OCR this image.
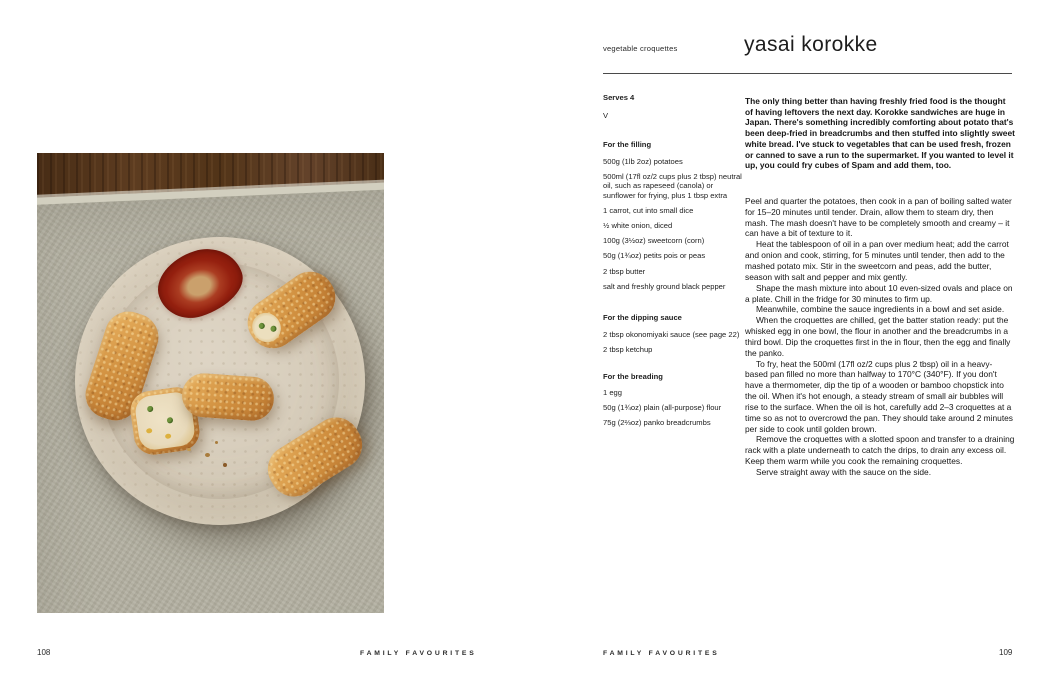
vegetable croquettes	yasai korokke
Serves 4
V
For the filling
500g (1lb 2oz) potatoes
500ml (17fl oz/2 cups plus 2 tbsp) neutral oil, such as rapeseed (canola) or sunflower for frying, plus 1 tbsp extra
1 carrot, cut into small dice
½ white onion, diced
100g (3½oz) sweetcorn (corn)
50g (1¾oz) petits pois or peas
2 tbsp butter
salt and freshly ground black pepper
For the dipping sauce
2 tbsp okonomiyaki sauce (see page 22)
2 tbsp ketchup
For the breading
1 egg
50g (1¾oz) plain (all-purpose) flour
75g (2⅔oz) panko breadcrumbs
The only thing better than having freshly fried food is the thought of having leftovers the next day. Korokke sandwiches are huge in Japan. There's something incredibly comforting about potato that's been deep-fried in breadcrumbs and then stuffed into slightly sweet white bread. I've stuck to vegetables that can be used fresh, frozen or canned to save a run to the supermarket. If you wanted to level it up, you could fry cubes of Spam and add them, too.

Peel and quarter the potatoes, then cook in a pan of boiling salted water for 15–20 minutes until tender. Drain, allow them to steam dry, then mash. The mash doesn't have to be completely smooth and creamy – it can have a bit of texture to it.

Heat the tablespoon of oil in a pan over medium heat; add the carrot and onion and cook, stirring, for 5 minutes until tender, then add to the mashed potato mix. Stir in the sweetcorn and peas, add the butter, season with salt and pepper and mix gently.

Shape the mash mixture into about 10 even-sized ovals and place on a plate. Chill in the fridge for 30 minutes to firm up.

Meanwhile, combine the sauce ingredients in a bowl and set aside.

When the croquettes are chilled, get the batter station ready: put the whisked egg in one bowl, the flour in another and the breadcrumbs in a third bowl. Dip the croquettes first in the in flour, then the egg and finally the panko.

To fry, heat the 500ml (17fl oz/2 cups plus 2 tbsp) oil in a heavy-based pan filled no more than halfway to 170°C (340°F). If you don't have a thermometer, dip the tip of a wooden or bamboo chopstick into the oil. When it's hot enough, a steady stream of small air bubbles will rise to the surface. When the oil is hot, carefully add 2–3 croquettes at a time so as not to overcrowd the pan. They should take around 2 minutes per side to cook until golden brown.

Remove the croquettes with a slotted spoon and transfer to a draining rack with a plate underneath to catch the drips, to drain any excess oil. Keep them warm while you cook the remaining croquettes.

Serve straight away with the sauce on the side.

108	FAMILY FAVOURITES	FAMILY FAVOURITES	109
